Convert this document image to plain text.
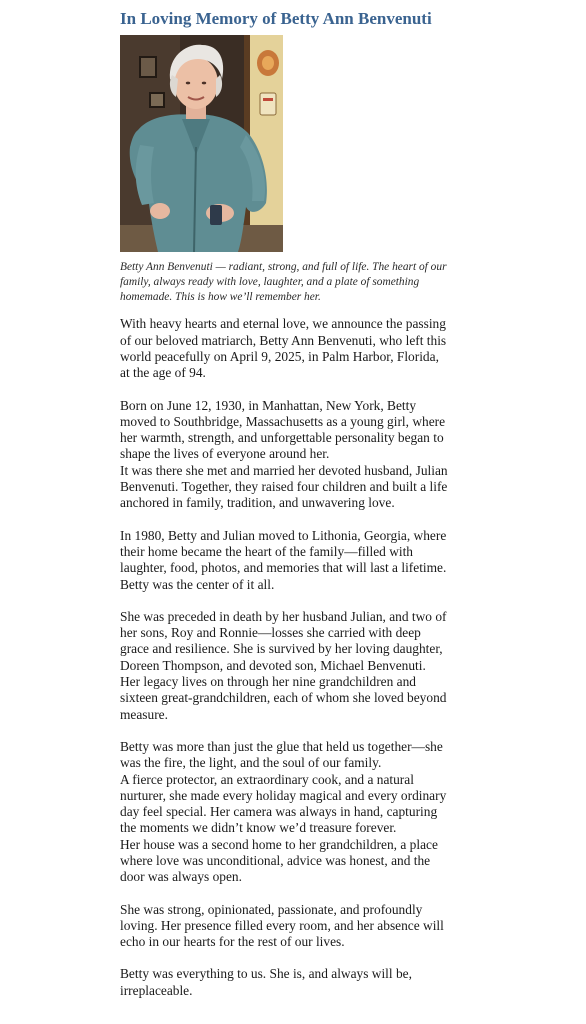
In Loving Memory of Betty Ann Benvenuti

Betty Ann Benvenuti — radiant, strong, and full of life. The heart of our family, always ready with love, laughter, and a plate of something homemade. This is how we’ll remember her.

With heavy hearts and eternal love, we announce the passing of our beloved matriarch, Betty Ann Benvenuti, who left this world peacefully on April 9, 2025, in Palm Harbor, Florida, at the age of 94.

Born on June 12, 1930, in Manhattan, New York, Betty moved to Southbridge, Massachusetts as a young girl, where her warmth, strength, and unforgettable personality began to shape the lives of everyone around her.
It was there she met and married her devoted husband, Julian Benvenuti. Together, they raised four children and built a life anchored in family, tradition, and unwavering love.

In 1980, Betty and Julian moved to Lithonia, Georgia, where their home became the heart of the family—filled with laughter, food, photos, and memories that will last a lifetime. Betty was the center of it all.

She was preceded in death by her husband Julian, and two of her sons, Roy and Ronnie—losses she carried with deep grace and resilience. She is survived by her loving daughter, Doreen Thompson, and devoted son, Michael Benvenuti.
Her legacy lives on through her nine grandchildren and sixteen great-grandchildren, each of whom she loved beyond measure.

Betty was more than just the glue that held us together—she was the fire, the light, and the soul of our family.
A fierce protector, an extraordinary cook, and a natural nurturer, she made every holiday magical and every ordinary
day feel special. Her camera was always in hand, capturing the moments we didn’t know we’d treasure forever.
Her house was a second home to her grandchildren, a place where love was unconditional, advice was honest, and the door was always open.

She was strong, opinionated, passionate, and profoundly loving. Her presence filled every room, and her absence will echo in our hearts for the rest of our lives.

Betty was everything to us. She is, and always will be, irreplaceable.
